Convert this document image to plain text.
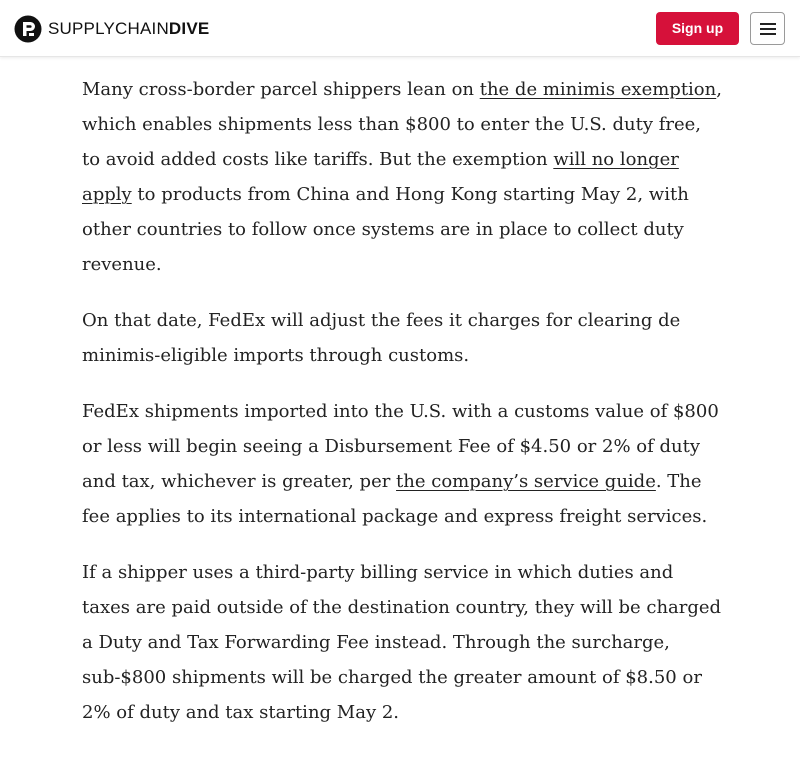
SUPPLYCHAINDIVE	Sign up

Many cross-border parcel shippers lean on the de minimis exemption, which enables shipments less than $800 to enter the U.S. duty free, to avoid added costs like tariffs. But the exemption will no longer apply to products from China and Hong Kong starting May 2, with other countries to follow once systems are in place to collect duty revenue.

On that date, FedEx will adjust the fees it charges for clearing de minimis-eligible imports through customs.

FedEx shipments imported into the U.S. with a customs value of $800 or less will begin seeing a Disbursement Fee of $4.50 or 2% of duty and tax, whichever is greater, per the company’s service guide. The fee applies to its international package and express freight services.

If a shipper uses a third-party billing service in which duties and taxes are paid outside of the destination country, they will be charged a Duty and Tax Forwarding Fee instead. Through the surcharge, sub-$800 shipments will be charged the greater amount of $8.50 or 2% of duty and tax starting May 2.
